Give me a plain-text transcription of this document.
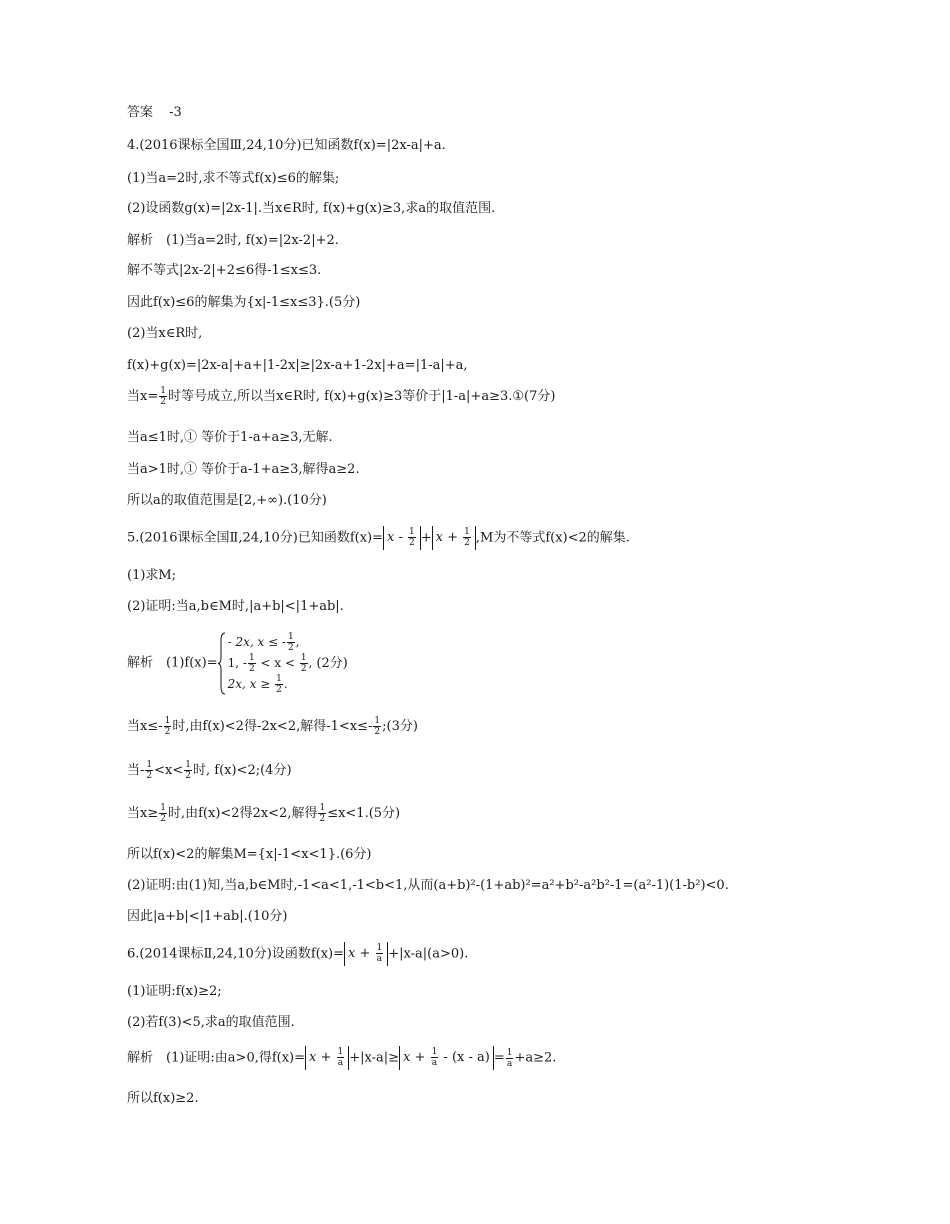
答案 -3
4.(2016课标全国Ⅲ,24,10分)已知函数f(x)=|2x-a|+a.
(1)当a=2时,求不等式f(x)≤6的解集;
(2)设函数g(x)=|2x-1|.当x∈R时, f(x)+g(x)≥3,求a的取值范围.
解析　(1)当a=2时, f(x)=|2x-2|+2.
解不等式|2x-2|+2≤6得-1≤x≤3.
因此f(x)≤6的解集为{x|-1≤x≤3}.(5分)
(2)当x∈R时,
f(x)+g(x)=|2x-a|+a+|1-2x|≥|2x-a+1-2x|+a=|1-a|+a,
当$x= \frac{1}{2}$ 时等号成立,所以当x∈R时, f(x)+g(x)≥3等价于|1-a|+a≥3.①(7分)
当a≤1时,① 等价于1-a+a≥3,无解.
当a>1时,① 等价于a-1+a≥3,解得a≥2.
所以a的取值范围是[2,+∞).(10分)
5.(2016课标全国Ⅱ,24,10分)已知函数$f(x)= x - \frac{1}{2} + x + \frac{1}{2} ,M$为不等式f(x)<2的解集.
(1)求M;
(2)证明:当a,b∈M时,|a+b|<|1+ab|.
解析　(1)f(x)=
- 2x, x ≤ - $\frac{1}{2}$ ,
1, - $\frac{1}{2} < x < \frac{1}{2}$ ,
2x, $x \ge \frac{1}{2}$ .
(2分)
当$x\le- \frac{1}{2}$ 时,由f(x)<2得-2x<2,解得$-1<x\le- \frac{1}{2}$ ;(3分)
当- $\frac{1}{2} <x< \frac{1}{2}$ 时, f(x)<2;(4分)
当$x\ge \frac{1}{2}$ 时,由f(x)<2得2x<2,解得 $\frac{1}{2} \le x<1.(5$分)
所以f(x)<2的解集M={x|-1<x<1}.(6分)
(2)证明:由(1)知,当a,b∈M时,-1<a<1,-1<b<1,从而(a+b)²-(1+ab)²=a²+b²-a²b²-1=(a²-1)(1-b²)<0.
因此|a+b|<|1+ab|.(10分)
6.(2014课标Ⅱ,24,10分)设函数$f(x)= x + \frac{1}{a} +|x-a|(a>0)$.
(1)证明:f(x)≥2;
(2)若f(3)<5,求a的取值范围.
解析　(1)证明:由a>0,得$f(x)= x + \frac{1}{a} +|x-a|\ge x + \frac{1}{a} - (x - a) = \frac{1}{a} +a\ge 2$.
所以f(x)≥2.
